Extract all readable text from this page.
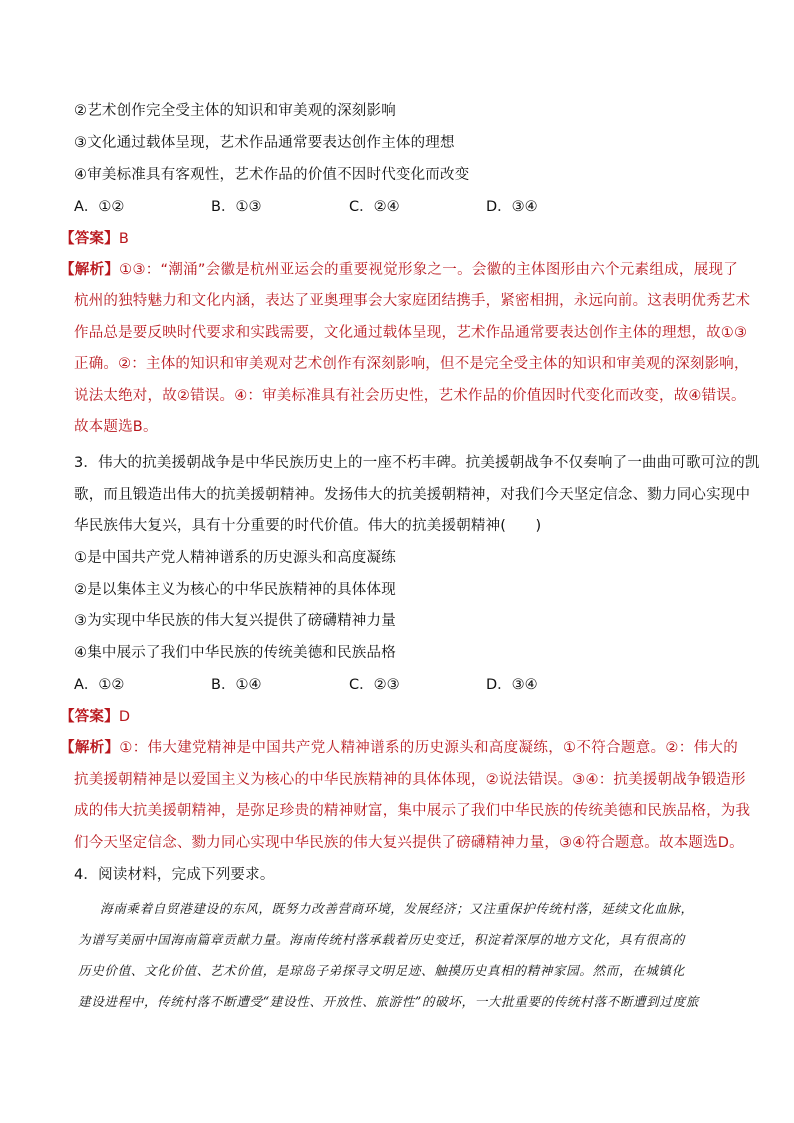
②艺术创作完全受主体的知识和审美观的深刻影响
③文化通过载体呈现，艺术作品通常要表达创作主体的理想
④审美标准具有客观性，艺术作品的价值不因时代变化而改变
A．①②	B．①③	C．②④	D．③④
【答案】B
【解析】①③：“潮涌”会徽是杭州亚运会的重要视觉形象之一。会徽的主体图形由六个元素组成，展现了
杭州的独特魅力和文化内涵，表达了亚奥理事会大家庭团结携手，紧密相拥，永远向前。这表明优秀艺术
作品总是要反映时代要求和实践需要，文化通过载体呈现，艺术作品通常要表达创作主体的理想，故①③
正确。②：主体的知识和审美观对艺术创作有深刻影响，但不是完全受主体的知识和审美观的深刻影响，
说法太绝对，故②错误。④：审美标准具有社会历史性，艺术作品的价值因时代变化而改变，故④错误。
故本题选B。
3．伟大的抗美援朝战争是中华民族历史上的一座不朽丰碑。抗美援朝战争不仅奏响了一曲曲可歌可泣的凯
歌，而且锻造出伟大的抗美援朝精神。发扬伟大的抗美援朝精神，对我们今天坚定信念、勠力同心实现中
华民族伟大复兴，具有十分重要的时代价值。伟大的抗美援朝精神(　　)
①是中国共产党人精神谱系的历史源头和高度凝练
②是以集体主义为核心的中华民族精神的具体体现
③为实现中华民族的伟大复兴提供了磅礴精神力量
④集中展示了我们中华民族的传统美德和民族品格
A．①②	B．①④	C．②③	D．③④
【答案】D
【解析】①：伟大建党精神是中国共产党人精神谱系的历史源头和高度凝练，①不符合题意。②：伟大的
抗美援朝精神是以爱国主义为核心的中华民族精神的具体体现，②说法错误。③④：抗美援朝战争锻造形
成的伟大抗美援朝精神，是弥足珍贵的精神财富，集中展示了我们中华民族的传统美德和民族品格，为我
们今天坚定信念、勠力同心实现中华民族的伟大复兴提供了磅礴精神力量，③④符合题意。故本题选D。
4．阅读材料，完成下列要求。
海南乘着自贸港建设的东风，既努力改善营商环境，发展经济；又注重保护传统村落，延续文化血脉，
为谱写美丽中国海南篇章贡献力量。海南传统村落承载着历史变迁，积淀着深厚的地方文化，具有很高的
历史价值、文化价值、艺术价值，是琼岛子弟探寻文明足迹、触摸历史真相的精神家园。然而，在城镇化
建设进程中，传统村落不断遭受“建设性、开放性、旅游性”的破坏，一大批重要的传统村落不断遭到过度旅
